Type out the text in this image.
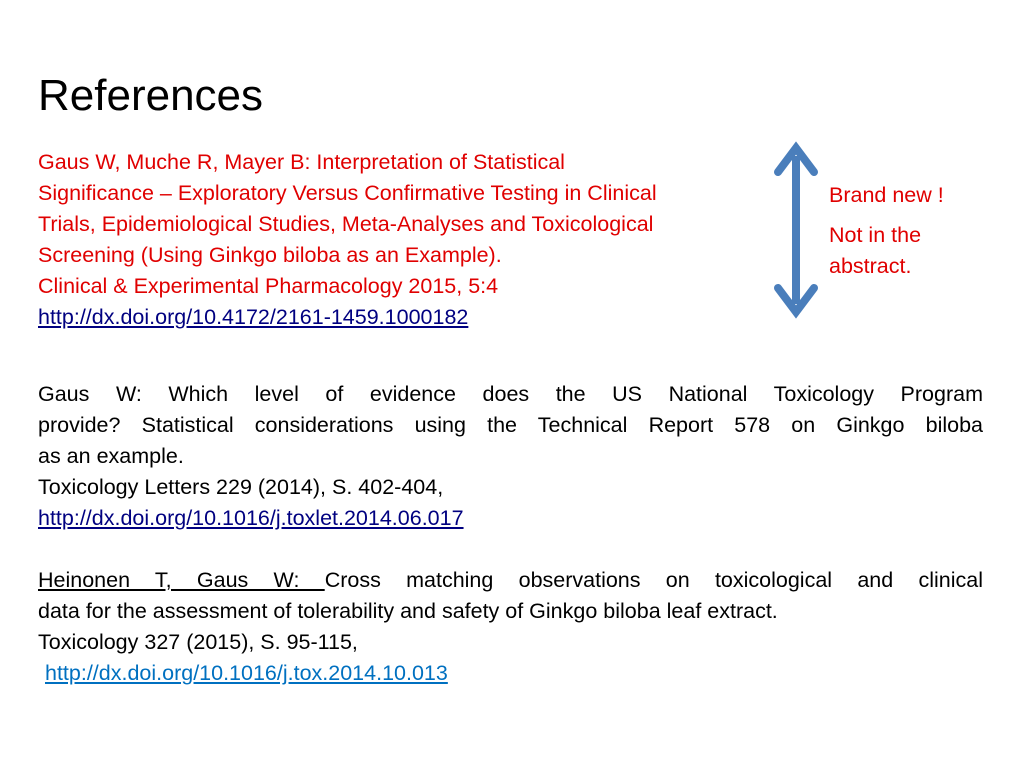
References
Gaus W, Muche R, Mayer B: Interpretation of Statistical
Significance – Exploratory Versus Confirmative Testing in Clinical
Trials, Epidemiological Studies, Meta-Analyses and Toxicological
Screening (Using Ginkgo biloba as an Example).
Clinical & Experimental Pharmacology 2015, 5:4
http://dx.doi.org/10.4172/2161-1459.1000182
Brand new !
Not in the abstract.
Gaus W: Which level of evidence does the US National Toxicology Program
provide? Statistical considerations using the Technical Report 578 on Ginkgo biloba
as an example.
Toxicology Letters 229 (2014), S. 402-404,
http://dx.doi.org/10.1016/j.toxlet.2014.06.017
Heinonen T, Gaus W: Cross matching observations on toxicological and clinical
data for the assessment of tolerability and safety of Ginkgo biloba leaf extract.
Toxicology 327 (2015), S. 95-115,
http://dx.doi.org/10.1016/j.tox.2014.10.013
